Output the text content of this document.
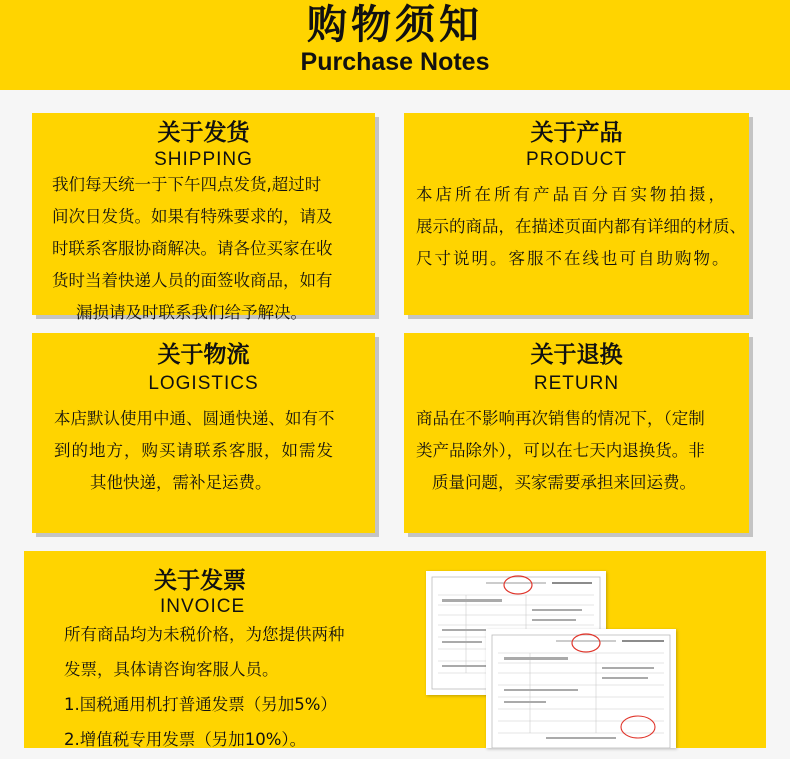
购物须知
Purchase Notes
关于发货
SHIPPING

我们每天统一于下午四点发货,超过时

间次日发货。如果有特殊要求的，请及

时联系客服协商解决。请各位买家在收

货时当着快递人员的面签收商品，如有

漏损请及时联系我们给予解决。

关于产品
PRODUCT

本店所在所有产品百分百实物拍摄，

展示的商品，在描述页面内都有详细的材质、

尺寸说明。客服不在线也可自助购物。

关于物流
LOGISTICS

本店默认使用中通、圆通快递、如有不

到的地方，购买请联系客服，如需发

其他快递，需补足运费。

关于退换
RETURN

商品在不影响再次销售的情况下，（定制

类产品除外），可以在七天内退换货。非

质量问题，买家需要承担来回运费。

关于发票
INVOICE

所有商品均为未税价格，为您提供两种

发票，具体请咨询客服人员。

1.国税通用机打普通发票（另加5%）

2.增值税专用发票（另加10%）。
